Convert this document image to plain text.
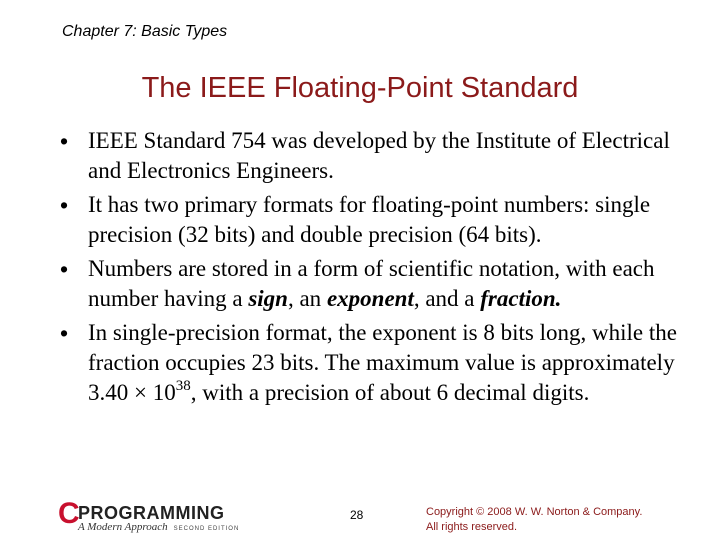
Chapter 7: Basic Types
The IEEE Floating-Point Standard
• IEEE Standard 754 was developed by the Institute of Electrical and Electronics Engineers.
• It has two primary formats for floating-point numbers: single precision (32 bits) and double precision (64 bits).
• Numbers are stored in a form of scientific notation, with each number having a sign, an exponent, and a fraction.
• In single-precision format, the exponent is 8 bits long, while the fraction occupies 23 bits. The maximum value is approximately $3.40 \times 10^{38}$, with a precision of about 6 decimal digits.
C
PROGRAMMING
A Modern Approach SECOND EDITION
28	Copyright © 2008 W. W. Norton & Company.
All rights reserved.
